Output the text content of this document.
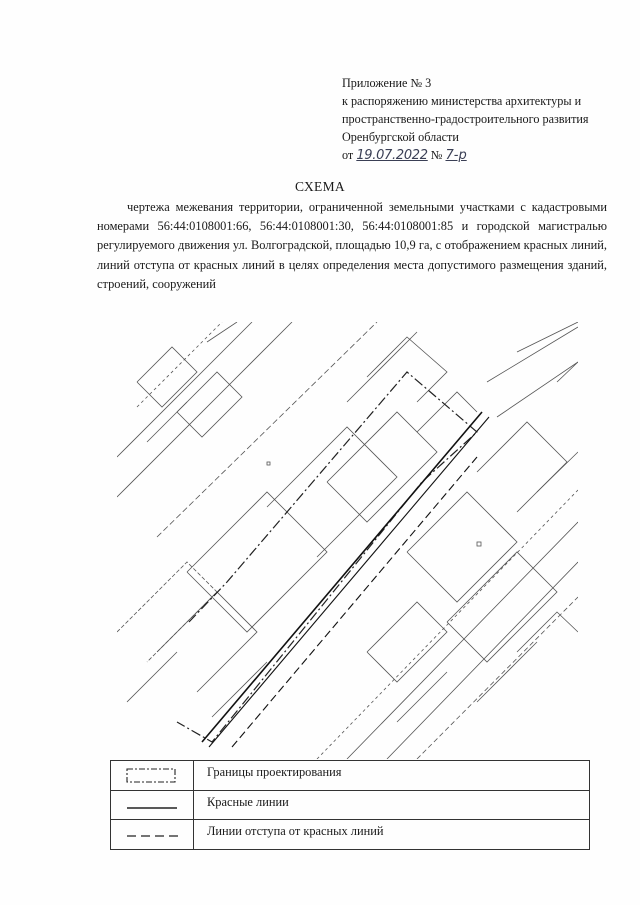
Приложение № 3
к распоряжению министерства архитектуры и
пространственно-градостроительного развития
Оренбургской области
от 19.07.2022 № 7-р
СХЕМА
чертежа межевания территории, ограниченной земельными участками с кадастровыми номерами 56:44:0108001:66, 56:44:0108001:30, 56:44:0108001:85 и городской магистралью регулируемого движения ул. Волгоградской, площадью 10,9 га, с отображением красных линий, линий отступа от красных линий в целях определения места допустимого размещения зданий, строений, сооружений
Границы проектирования
Красные линии
Линии отступа от красных линий
